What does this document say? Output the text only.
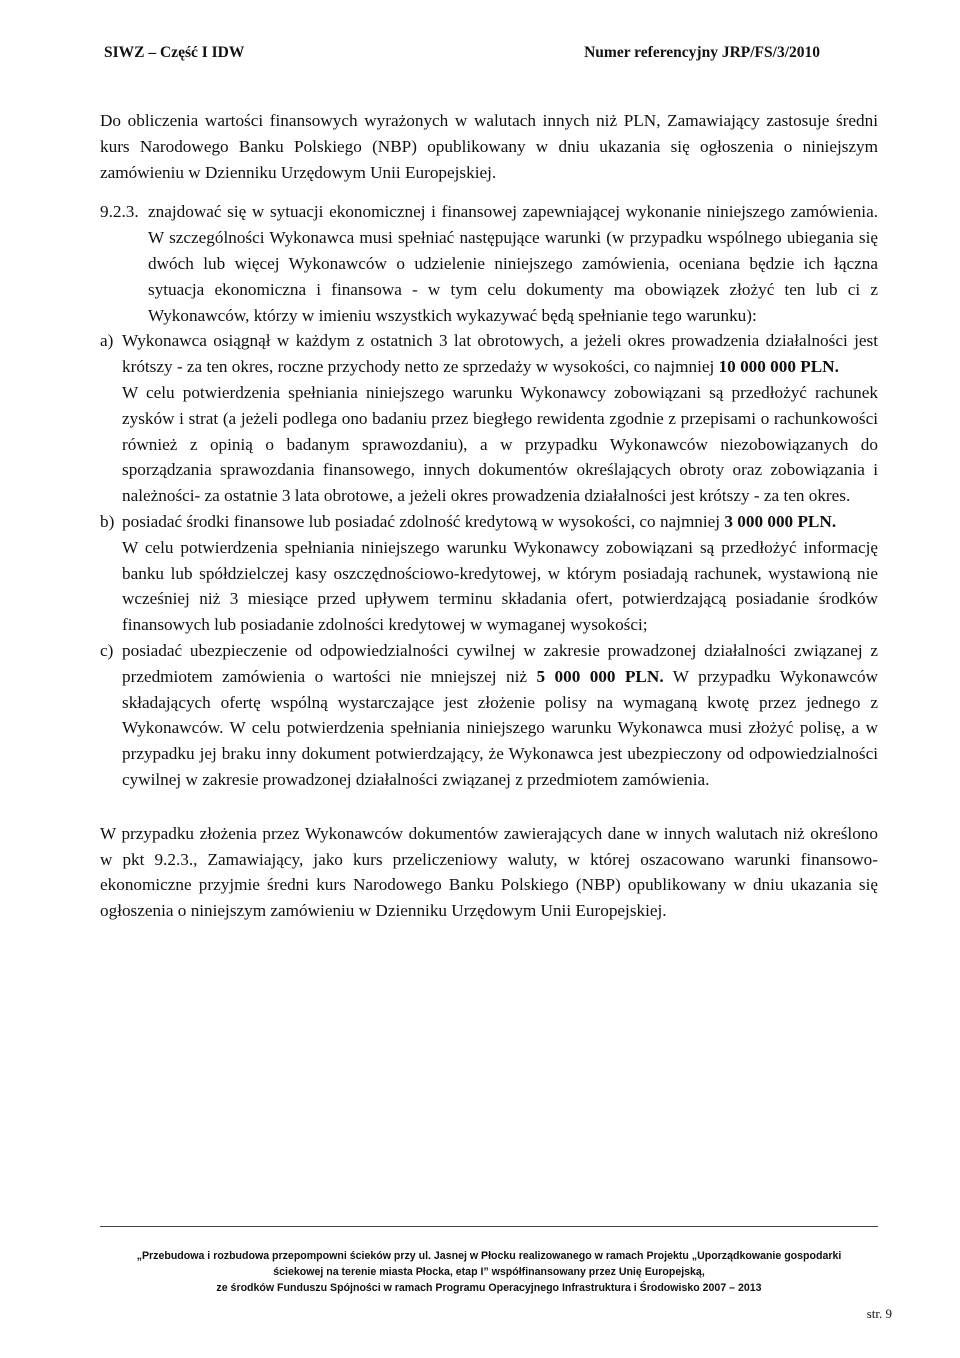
SIWZ – Część I IDW	Numer referencyjny JRP/FS/3/2010

Do obliczenia wartości finansowych wyrażonych w walutach innych niż PLN, Zamawiający zastosuje średni kurs Narodowego Banku Polskiego (NBP) opublikowany w dniu ukazania się ogłoszenia o niniejszym zamówieniu w Dzienniku Urzędowym Unii Europejskiej.

9.2.3. znajdować się w sytuacji ekonomicznej i finansowej zapewniającej wykonanie niniejszego zamówienia. W szczególności Wykonawca musi spełniać następujące warunki (w przypadku wspólnego ubiegania się dwóch lub więcej Wykonawców o udzielenie niniejszego zamówienia, oceniana będzie ich łączna sytuacja ekonomiczna i finansowa - w tym celu dokumenty ma obowiązek złożyć ten lub ci z Wykonawców, którzy w imieniu wszystkich wykazywać będą spełnianie tego warunku):

a) Wykonawca osiągnął w każdym z ostatnich 3 lat obrotowych, a jeżeli okres prowadzenia działalności jest krótszy - za ten okres, roczne przychody netto ze sprzedaży w wysokości, co najmniej 10 000 000 PLN.

W celu potwierdzenia spełniania niniejszego warunku Wykonawcy zobowiązani są przedłożyć rachunek zysków i strat (a jeżeli podlega ono badaniu przez biegłego rewidenta zgodnie z przepisami o rachunkowości również z opinią o badanym sprawozdaniu), a w przypadku Wykonawców niezobowiązanych do sporządzania sprawozdania finansowego, innych dokumentów określających obroty oraz zobowiązania i należności- za ostatnie 3 lata obrotowe, a jeżeli okres prowadzenia działalności jest krótszy - za ten okres.

b) posiadać środki finansowe lub posiadać zdolność kredytową w wysokości, co najmniej 3 000 000 PLN.

W celu potwierdzenia spełniania niniejszego warunku Wykonawcy zobowiązani są przedłożyć informację banku lub spółdzielczej kasy oszczędnościowo-kredytowej, w którym posiadają rachunek, wystawioną nie wcześniej niż 3 miesiące przed upływem terminu składania ofert, potwierdzającą posiadanie środków finansowych lub posiadanie zdolności kredytowej w wymaganej wysokości;

c) posiadać ubezpieczenie od odpowiedzialności cywilnej w zakresie prowadzonej działalności związanej z przedmiotem zamówienia o wartości nie mniejszej niż 5 000 000 PLN. W przypadku Wykonawców składających ofertę wspólną wystarczające jest złożenie polisy na wymaganą kwotę przez jednego z Wykonawców. W celu potwierdzenia spełniania niniejszego warunku Wykonawca musi złożyć polisę, a w przypadku jej braku inny dokument potwierdzający, że Wykonawca jest ubezpieczony od odpowiedzialności cywilnej w zakresie prowadzonej działalności związanej z przedmiotem zamówienia.

W przypadku złożenia przez Wykonawców dokumentów zawierających dane w innych walutach niż określono w pkt 9.2.3., Zamawiający, jako kurs przeliczeniowy waluty, w której oszacowano warunki finansowo-ekonomiczne przyjmie średni kurs Narodowego Banku Polskiego (NBP) opublikowany w dniu ukazania się ogłoszenia o niniejszym zamówieniu w Dzienniku Urzędowym Unii Europejskiej.

„Przebudowa i rozbudowa przepompowni ścieków przy ul. Jasnej w Płocku realizowanego w ramach Projektu „Uporządkowanie gospodarki
ściekowej na terenie miasta Płocka, etap I” współfinansowany przez Unię Europejską,
ze środków Funduszu Spójności w ramach Programu Operacyjnego Infrastruktura i Środowisko 2007 – 2013
str. 9
